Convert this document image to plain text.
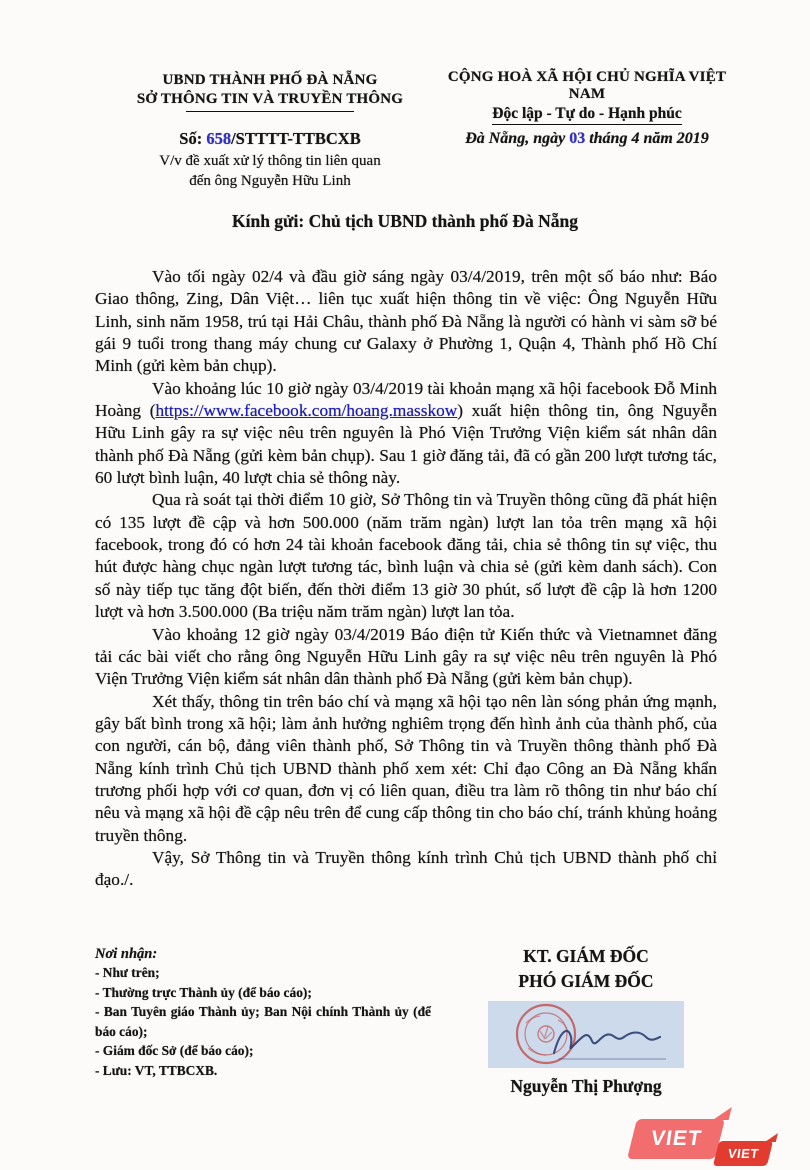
UBND THÀNH PHỐ ĐÀ NẴNG
SỞ THÔNG TIN VÀ TRUYỀN THÔNG
CỘNG HOÀ XÃ HỘI CHỦ NGHĨA VIỆT NAM
Độc lập - Tự do - Hạnh phúc
Số: 658/STTTT-TTBCXB
V/v đề xuất xử lý thông tin liên quan
đến ông Nguyễn Hữu Linh
Đà Nẵng, ngày 03 tháng 4 năm 2019
Kính gửi: Chủ tịch UBND thành phố Đà Nẵng

Vào tối ngày 02/4 và đầu giờ sáng ngày 03/4/2019, trên một số báo như: Báo Giao thông, Zing, Dân Việt… liên tục xuất hiện thông tin về việc: Ông Nguyễn Hữu Linh, sinh năm 1958, trú tại Hải Châu, thành phố Đà Nẵng là người có hành vi sàm sỡ bé gái 9 tuổi trong thang máy chung cư Galaxy ở Phường 1, Quận 4, Thành phố Hồ Chí Minh (gửi kèm bản chụp).

Vào khoảng lúc 10 giờ ngày 03/4/2019 tài khoản mạng xã hội facebook Đỗ Minh Hoàng (https://www.facebook.com/hoang.masskow) xuất hiện thông tin, ông Nguyễn Hữu Linh gây ra sự việc nêu trên nguyên là Phó Viện Trưởng Viện kiểm sát nhân dân thành phố Đà Nẵng (gửi kèm bản chụp). Sau 1 giờ đăng tải, đã có gần 200 lượt tương tác, 60 lượt bình luận, 40 lượt chia sẻ thông này.

Qua rà soát tại thời điểm 10 giờ, Sở Thông tin và Truyền thông cũng đã phát hiện có 135 lượt đề cập và hơn 500.000 (năm trăm ngàn) lượt lan tỏa trên mạng xã hội facebook, trong đó có hơn 24 tài khoản facebook đăng tải, chia sẻ thông tin sự việc, thu hút được hàng chục ngàn lượt tương tác, bình luận và chia sẻ (gửi kèm danh sách). Con số này tiếp tục tăng đột biến, đến thời điểm 13 giờ 30 phút, số lượt đề cập là hơn 1200 lượt và hơn 3.500.000 (Ba triệu năm trăm ngàn) lượt lan tỏa.

Vào khoảng 12 giờ ngày 03/4/2019 Báo điện tử Kiến thức và Vietnamnet đăng tải các bài viết cho rằng ông Nguyễn Hữu Linh gây ra sự việc nêu trên nguyên là Phó Viện Trưởng Viện kiểm sát nhân dân thành phố Đà Nẵng (gửi kèm bản chụp).

Xét thấy, thông tin trên báo chí và mạng xã hội tạo nên làn sóng phản ứng mạnh, gây bất bình trong xã hội; làm ảnh hưởng nghiêm trọng đến hình ảnh của thành phố, của con người, cán bộ, đảng viên thành phố, Sở Thông tin và Truyền thông thành phố Đà Nẵng kính trình Chủ tịch UBND thành phố xem xét: Chỉ đạo Công an Đà Nẵng khẩn trương phối hợp với cơ quan, đơn vị có liên quan, điều tra làm rõ thông tin như báo chí nêu và mạng xã hội đề cập nêu trên để cung cấp thông tin cho báo chí, tránh khủng hoảng truyền thông.

Vậy, Sở Thông tin và Truyền thông kính trình Chủ tịch UBND thành phố chỉ đạo./.

Nơi nhận:
- Như trên;
- Thường trực Thành ủy (để báo cáo);
- Ban Tuyên giáo Thành ủy; Ban Nội chính Thành ủy (để báo cáo);
- Giám đốc Sở (để báo cáo);
- Lưu: VT, TTBCXB.
KT. GIÁM ĐỐC
PHÓ GIÁM ĐỐC
Nguyễn Thị Phượng
VIET
VIET
